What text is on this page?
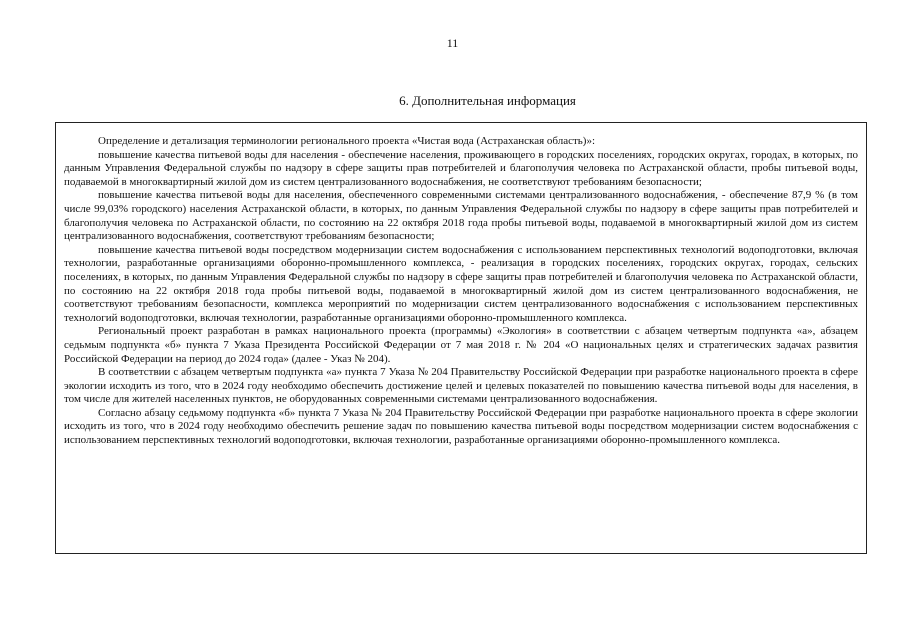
11
6. Дополнительная информация

Определение и детализация терминологии регионального проекта «Чистая вода (Астраханская область)»:

повышение качества питьевой воды для населения - обеспечение населения, проживающего в городских поселениях, городских округах, городах, в которых, по данным Управления Федеральной службы по надзору в сфере защиты прав потребителей и благополучия человека по Астраханской области, пробы питьевой воды, подаваемой в многоквартирный жилой дом из систем централизованного водоснабжения, не соответствуют требованиям безопасности;

повышение качества питьевой воды для населения, обеспеченного современными системами централизованного водоснабжения, - обеспечение 87,9 % (в том числе 99,03% городского) населения Астраханской области, в которых, по данным Управления Федеральной службы по надзору в сфере защиты прав потребителей и благополучия человека по Астраханской области, по состоянию на 22 октября 2018 года пробы питьевой воды, подаваемой в многоквартирный жилой дом из систем централизованного водоснабжения, соответствуют требованиям безопасности;

повышение качества питьевой воды посредством модернизации систем водоснабжения с использованием перспективных технологий водоподготовки, включая технологии, разработанные организациями оборонно-промышленного комплекса, - реализация в городских поселениях, городских округах, городах, сельских поселениях, в которых, по данным Управления Федеральной службы по надзору в сфере защиты прав потребителей и благополучия человека по Астраханской области, по состоянию на 22 октября 2018 года пробы питьевой воды, подаваемой в многоквартирный жилой дом из систем централизованного водоснабжения, не соответствуют требованиям безопасности, комплекса мероприятий по модернизации систем централизованного водоснабжения с использованием перспективных технологий водоподготовки, включая технологии, разработанные организациями оборонно-промышленного комплекса.

Региональный проект разработан в рамках национального проекта (программы) «Экология» в соответствии с абзацем четвертым подпункта «а», абзацем седьмым подпункта «б» пункта 7 Указа Президента Российской Федерации от 7 мая 2018 г. № 204 «О национальных целях и стратегических задачах развития Российской Федерации на период до 2024 года» (далее - Указ № 204).

В соответствии с абзацем четвертым подпункта «а» пункта 7 Указа № 204 Правительству Российской Федерации при разработке национального проекта в сфере экологии исходить из того, что в 2024 году необходимо обеспечить достижение целей и целевых показателей по повышению качества питьевой воды для населения, в том числе для жителей населенных пунктов, не оборудованных современными системами централизованного водоснабжения.

Согласно абзацу седьмому подпункта «б» пункта 7 Указа № 204 Правительству Российской Федерации при разработке национального проекта в сфере экологии исходить из того, что в 2024 году необходимо обеспечить решение задач по повышению качества питьевой воды посредством модернизации систем водоснабжения с использованием перспективных технологий водоподготовки, включая технологии, разработанные организациями оборонно-промышленного комплекса.
